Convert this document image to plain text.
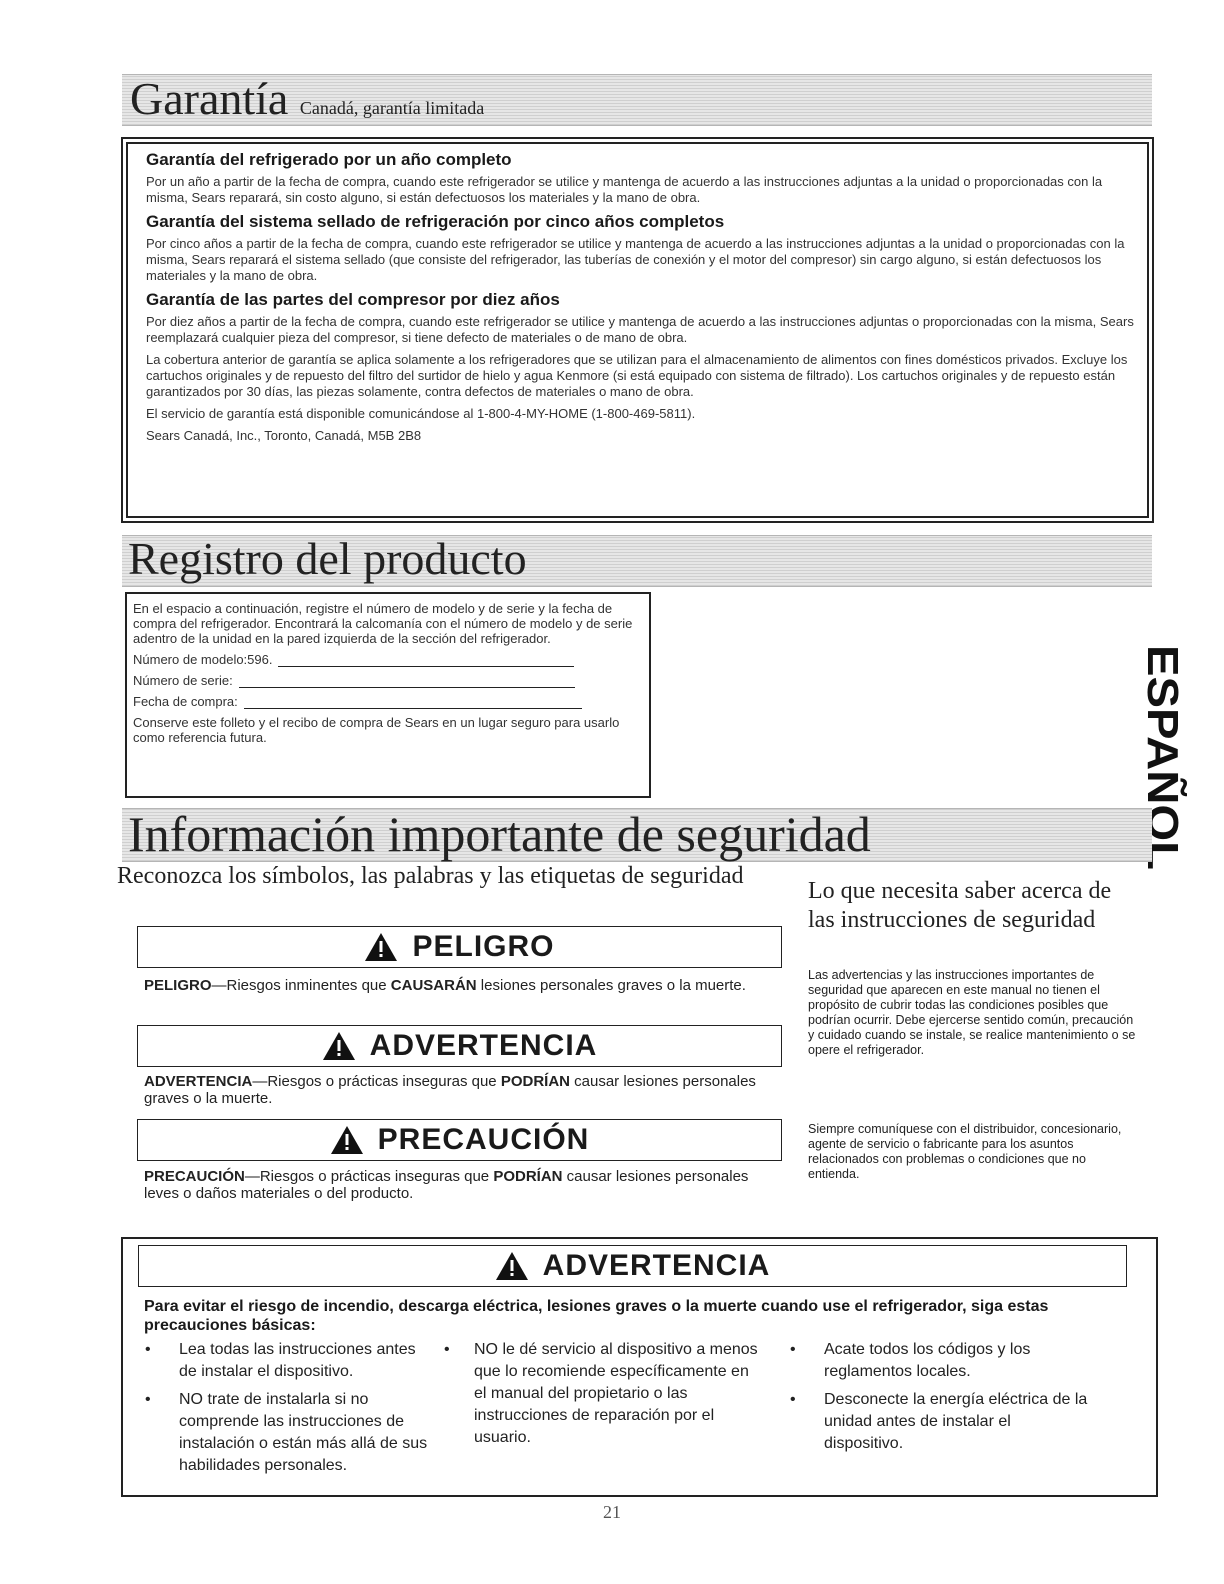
Garantía Canadá, garantía limitada
Garantía del refrigerado por un año completo
Por un año a partir de la fecha de compra, cuando este refrigerador se utilice y mantenga de acuerdo a las instrucciones adjuntas a la unidad o proporcionadas con la misma, Sears reparará, sin costo alguno, si están defectuosos los materiales y la mano de obra.
Garantía del sistema sellado de refrigeración por cinco años completos
Por cinco años a partir de la fecha de compra, cuando este refrigerador se utilice y mantenga de acuerdo a las instrucciones adjuntas a la unidad o proporcionadas con la misma, Sears reparará el sistema sellado (que consiste del refrigerador, las tuberías de conexión y el motor del compresor) sin cargo alguno, si están defectuosos los materiales y la mano de obra.
Garantía de las partes del compresor por diez años
Por diez años a partir de la fecha de compra, cuando este refrigerador se utilice y mantenga de acuerdo a las instrucciones adjuntas o proporcionadas con la misma, Sears reemplazará cualquier pieza del compresor, si tiene defecto de materiales o de mano de obra.
La cobertura anterior de garantía se aplica solamente a los refrigeradores que se utilizan para el almacenamiento de alimentos con fines domésticos privados. Excluye los cartuchos originales y de repuesto del filtro del surtidor de hielo y agua Kenmore (si está equipado con sistema de filtrado). Los cartuchos originales y de repuesto están garantizados por 30 días, las piezas solamente, contra defectos de materiales o mano de obra.
El servicio de garantía está disponible comunicándose al 1-800-4-MY-HOME (1-800-469-5811).
Sears Canadá, Inc., Toronto, Canadá, M5B 2B8
Registro del producto
En el espacio a continuación, registre el número de modelo y de serie y la fecha de compra del refrigerador. Encontrará la calcomanía con el número de modelo y de serie adentro de la unidad en la pared izquierda de la sección del refrigerador.
Número de modelo:596.
Número de serie:
Fecha de compra:
Conserve este folleto y el recibo de compra de Sears en un lugar seguro para usarlo como referencia futura.	ESPAÑOL
Información importante de seguridad
Reconozca los símbolos, las palabras y las etiquetas de seguridad
PELIGRO
PELIGRO—Riesgos inminentes que CAUSARÁN lesiones personales graves o la muerte.
ADVERTENCIA
ADVERTENCIA—Riesgos o prácticas inseguras que PODRÍAN causar lesiones personales graves o la muerte.
PRECAUCIÓN
PRECAUCIÓN—Riesgos o prácticas inseguras que PODRÍAN causar lesiones personales leves o daños materiales o del producto.
Lo que necesita saber acerca de las instrucciones de seguridad
Las advertencias y las instrucciones importantes de seguridad que aparecen en este manual no tienen el propósito de cubrir todas las condiciones posibles que podrían ocurrir. Debe ejercerse sentido común, precaución y cuidado cuando se instale, se realice mantenimiento o se opere el refrigerador.
Siempre comuníquese con el distribuidor, concesionario, agente de servicio o fabricante para los asuntos relacionados con problemas o condiciones que no entienda.
ADVERTENCIA
Para evitar el riesgo de incendio, descarga eléctrica, lesiones graves o la muerte cuando use el refrigerador, siga estas precauciones básicas:
• Lea todas las instrucciones antes de instalar el dispositivo.
• NO trate de instalarla si no comprende las instrucciones de instalación o están más allá de sus habilidades personales.
• NO le dé servicio al dispositivo a menos que lo recomiende específicamente en el manual del propietario o las instrucciones de reparación por el usuario.
• Acate todos los códigos y los reglamentos locales.
• Desconecte la energía eléctrica de la unidad antes de instalar el dispositivo.
21
